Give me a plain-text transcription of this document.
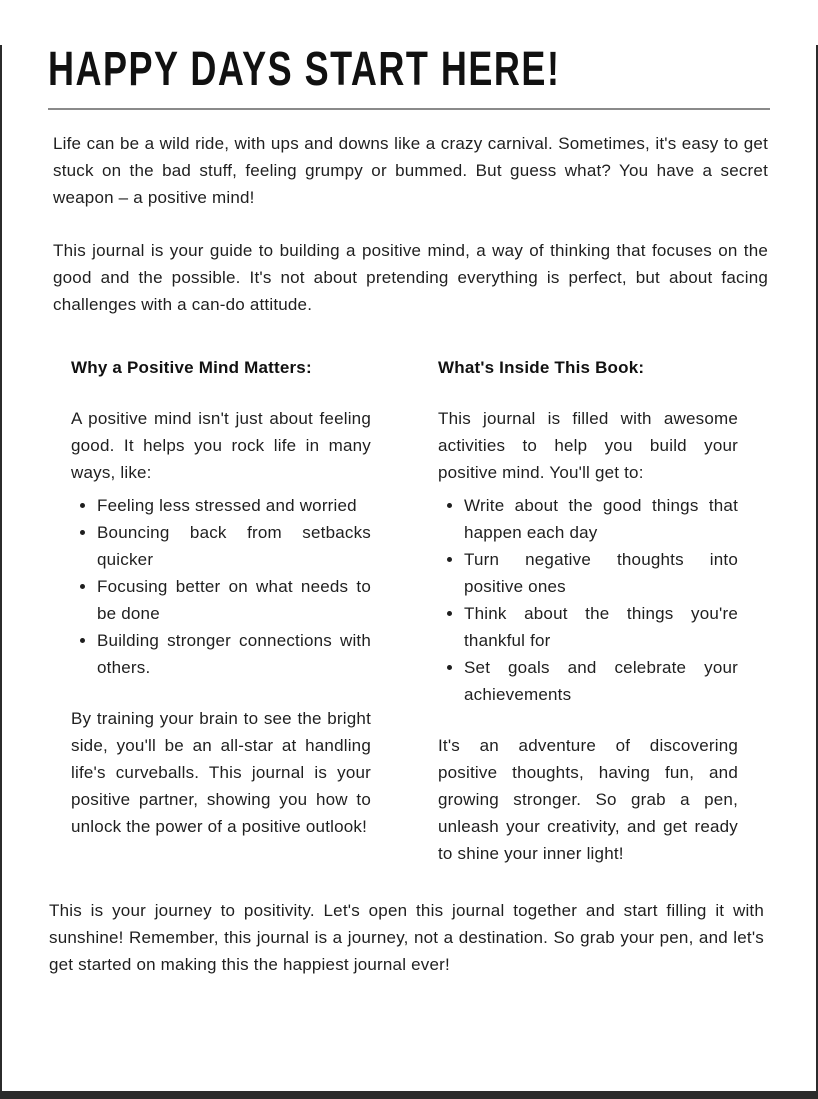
HAPPY DAYS START HERE!

Life can be a wild ride, with ups and downs like a crazy carnival. Sometimes, it's easy to get stuck on the bad stuff, feeling grumpy or bummed. But guess what? You have a secret weapon – a positive mind!

This journal is your guide to building a positive mind, a way of thinking that focuses on the good and the possible. It's not about pretending everything is perfect, but about facing challenges with a can-do attitude.

Why a Positive Mind Matters:

A positive mind isn't just about feeling good. It helps you rock life in many ways, like:

• Feeling less stressed and worried
• Bouncing back from setbacks quicker
• Focusing better on what needs to be done
• Building stronger connections with others.

By training your brain to see the bright side, you'll be an all-star at handling life's curveballs. This journal is your positive partner, showing you how to unlock the power of a positive outlook!

What's Inside This Book:

This journal is filled with awesome activities to help you build your positive mind. You'll get to:

• Write about the good things that happen each day
• Turn negative thoughts into positive ones
• Think about the things you're thankful for
• Set goals and celebrate your achievements

It's an adventure of discovering positive thoughts, having fun, and growing stronger. So grab a pen, unleash your creativity, and get ready to shine your inner light!

This is your journey to positivity. Let's open this journal together and start filling it with sunshine! Remember, this journal is a journey, not a destination. So grab your pen, and let's get started on making this the happiest journal ever!
